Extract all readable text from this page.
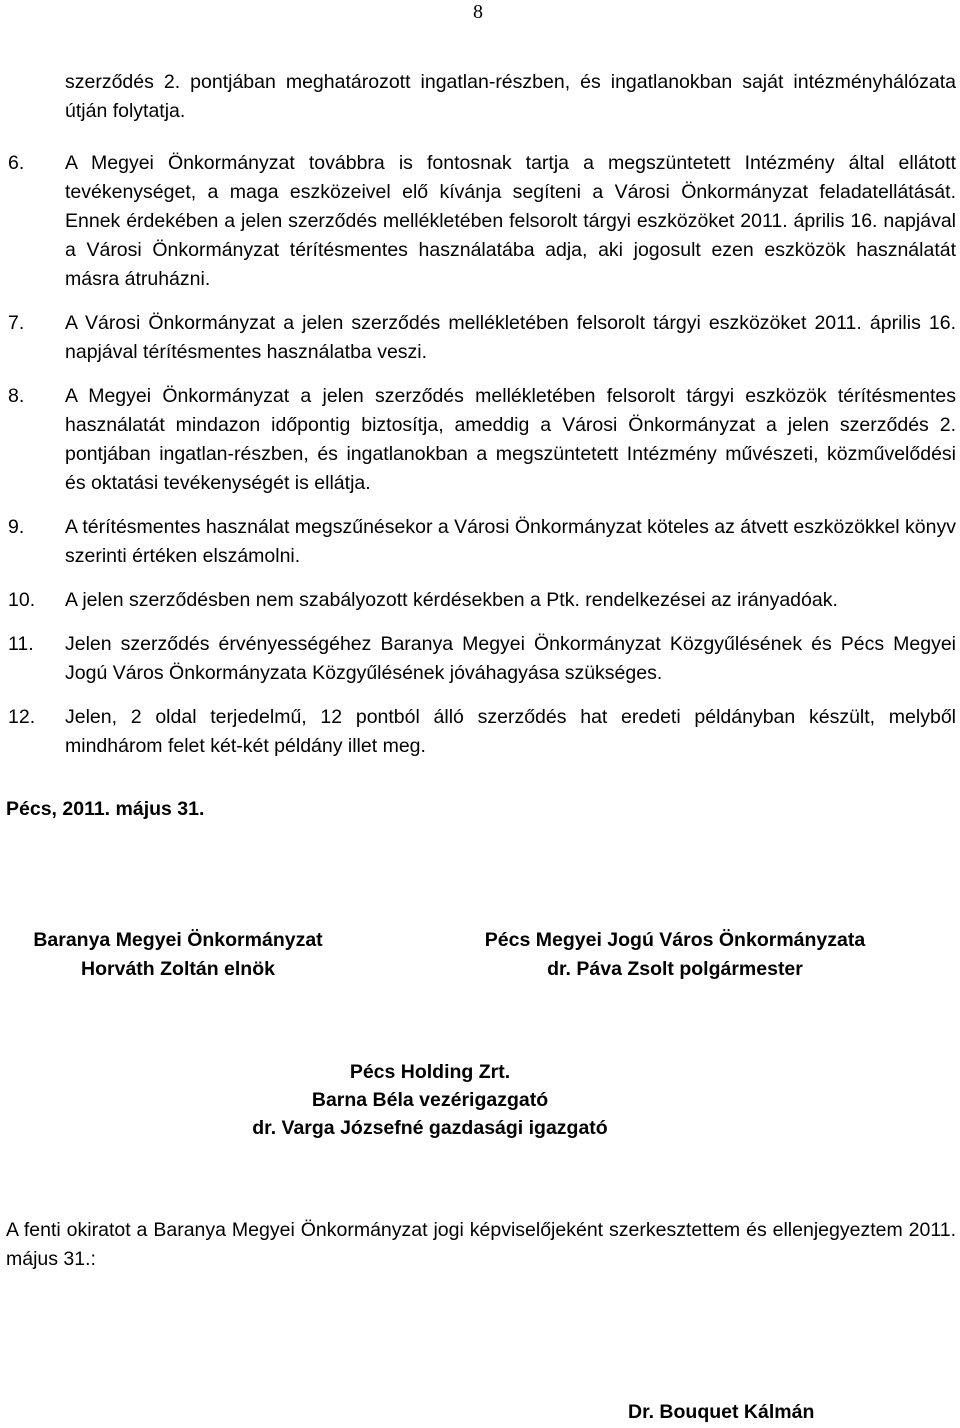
8
szerződés 2. pontjában meghatározott ingatlan-részben, és ingatlanokban saját intézményhálózata útján folytatja.
6.	A Megyei Önkormányzat továbbra is fontosnak tartja a megszüntetett Intézmény által ellátott tevékenységet, a maga eszközeivel elő kívánja segíteni a Városi Önkormányzat feladatellátását. Ennek érdekében a jelen szerződés mellékletében felsorolt tárgyi eszközöket 2011. április 16. napjával a Városi Önkormányzat térítésmentes használatába adja, aki jogosult ezen eszközök használatát másra átruházni.
7.	A Városi Önkormányzat a jelen szerződés mellékletében felsorolt tárgyi eszközöket 2011. április 16. napjával térítésmentes használatba veszi.
8.	A Megyei Önkormányzat a jelen szerződés mellékletében felsorolt tárgyi eszközök térítésmentes használatát mindazon időpontig biztosítja, ameddig a Városi Önkormányzat a jelen szerződés 2. pontjában ingatlan-részben, és ingatlanokban a megszüntetett Intézmény művészeti, közművelődési és oktatási tevékenységét is ellátja.
9.	A térítésmentes használat megszűnésekor a Városi Önkormányzat köteles az átvett eszközökkel könyv szerinti értéken elszámolni.
10.	A jelen szerződésben nem szabályozott kérdésekben a Ptk. rendelkezései az irányadóak.
11.	Jelen szerződés érvényességéhez Baranya Megyei Önkormányzat Közgyűlésének és Pécs Megyei Jogú Város Önkormányzata Közgyűlésének jóváhagyása szükséges.
12.	Jelen, 2 oldal terjedelmű, 12 pontból álló szerződés hat eredeti példányban készült, melyből mindhárom felet két-két példány illet meg.
Pécs, 2011. május 31.
Baranya Megyei Önkormányzat
Horváth Zoltán elnök
Pécs Megyei Jogú Város Önkormányzata
dr. Páva Zsolt polgármester
Pécs Holding Zrt.
Barna Béla vezérigazgató
dr. Varga Józsefné gazdasági igazgató
A fenti okiratot a Baranya Megyei Önkormányzat jogi képviselőjeként szerkesztettem és ellenjegyeztem 2011. május 31.:
Dr. Bouquet Kálmán
